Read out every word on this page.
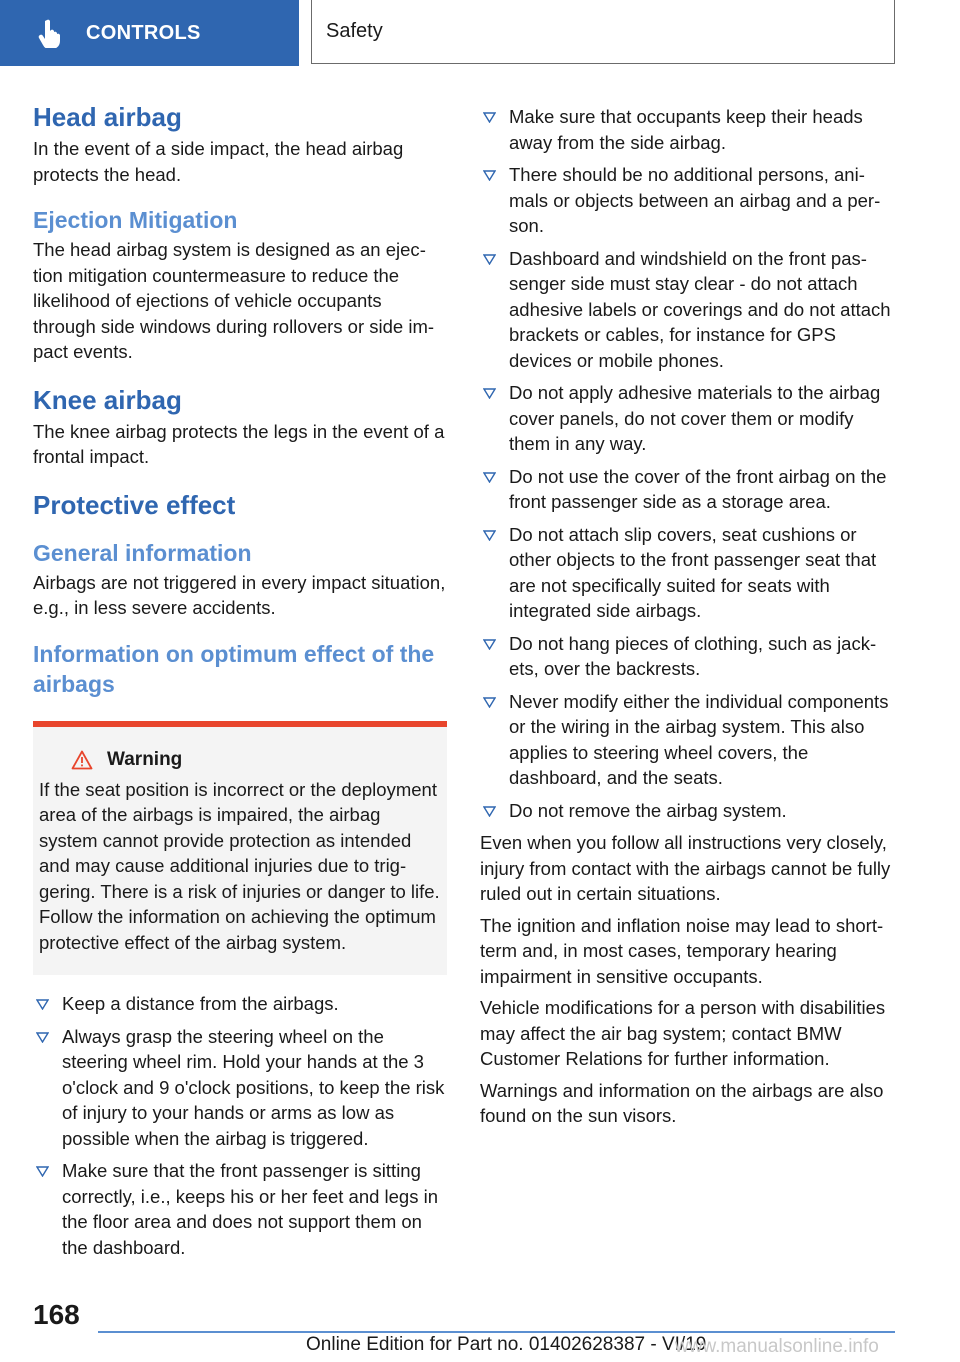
CONTROLS	Safety
Head airbag

In the event of a side impact, the head airbag protects the head.

Ejection Mitigation

The head airbag system is designed as an ejection mitigation countermeasure to reduce the likelihood of ejections of vehicle occupants through side windows during rollovers or side impact events.

Knee airbag

The knee airbag protects the legs in the event of a frontal impact.

Protective effect
General information

Airbags are not triggered in every impact situation, e.g., in less severe accidents.

Information on optimum effect of the airbags
Warning

If the seat position is incorrect or the deployment area of the airbags is impaired, the airbag system cannot provide protection as intended and may cause additional injuries due to triggering. There is a risk of injuries or danger to life. Follow the information on achieving the optimum protective effect of the airbag system.

Keep a distance from the airbags.
Always grasp the steering wheel on the steering wheel rim. Hold your hands at the 3 o'clock and 9 o'clock positions, to keep the risk of injury to your hands or arms as low as possible when the airbag is triggered.
Make sure that the front passenger is sitting correctly, i.e., keeps his or her feet and legs in the floor area and does not support them on the dashboard.
Make sure that occupants keep their heads away from the side airbag.
There should be no additional persons, animals or objects between an airbag and a person.
Dashboard and windshield on the front passenger side must stay clear - do not attach adhesive labels or coverings and do not attach brackets or cables, for instance for GPS devices or mobile phones.
Do not apply adhesive materials to the airbag cover panels, do not cover them or modify them in any way.
Do not use the cover of the front airbag on the front passenger side as a storage area.
Do not attach slip covers, seat cushions or other objects to the front passenger seat that are not specifically suited for seats with integrated side airbags.
Do not hang pieces of clothing, such as jackets, over the backrests.
Never modify either the individual components or the wiring in the airbag system. This also applies to steering wheel covers, the dashboard, and the seats.
Do not remove the airbag system.

Even when you follow all instructions very closely, injury from contact with the airbags cannot be fully ruled out in certain situations.

The ignition and inflation noise may lead to short-term and, in most cases, temporary hearing impairment in sensitive occupants.

Vehicle modifications for a person with disabilities may affect the air bag system; contact BMW Customer Relations for further information.

Warnings and information on the airbags are also found on the sun visors.

168
Online Edition for Part no. 01402628387 - VI/19
www.manualsonline.info
